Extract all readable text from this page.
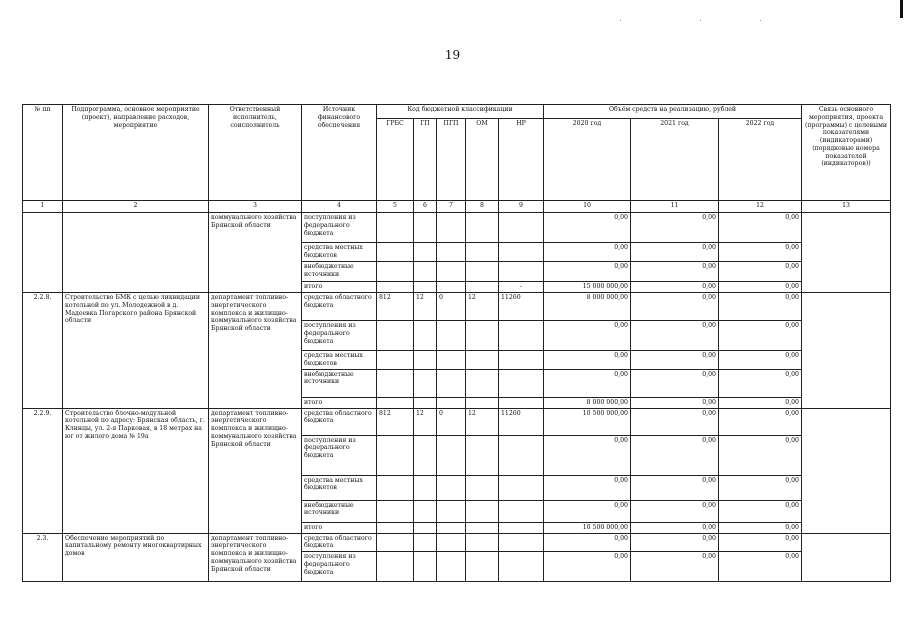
19
№ пп	Подпрограмма, основное мероприятие (проект), направление расходов, мероприятие	Ответственный исполнитель, соисполнитель	Источник финансового обеспечения	Код бюджетной классификации					Объём средств на реализацию, рублей			Связь основного мероприятия, проекта (программы) с целевыми показателями (индикаторами) (порядковые номера показателей (индикаторов))
				ГРБС	ГП	ПГП	ОМ	НР	2020 год	2021 год	2022 год	
1	2	3	4	5	6	7	8	9	10	11	12	13
		коммунального хозяйства Брянской области	поступления из федерального бюджета						0,00	0,00	0,00	
			средства местных бюджетов						0,00	0,00	0,00	
			внебюджетные источники						0,00	0,00	0,00	
			итого					-	15 000 000,00	0,00	0,00	
2.2.8.	Строительство БМК с целью ликвидации котельной по ул. Молодежной в д. Мадеевка Погарского района Брянской области	департамент топливно-энергетического комплекса и жилищно-коммунального хозяйства Брянской области	средства областного бюджета	812	12	0	12	11260	8 000 000,00	0,00	0,00	
			поступления из федерального бюджета						0,00	0,00	0,00	
			средства местных бюджетов						0,00	0,00	0,00	
			внебюджетные источники						0,00	0,00	0,00	
			итого						8 000 000,00	0,00	0,00	
2.2.9.	Строительство блочно-модульной котельной по адресу: Брянская область, г. Клинцы, ул. 2-я Парковая, в 18 метрах на юг от жилого дома № 19а	департамент топливно-энергетического комплекса и жилищно-коммунального хозяйства Брянской области	средства областного бюджета	812	12	0	12	11260	10 500 000,00	0,00	0,00	
			поступления из федерального бюджета						0,00	0,00	0,00	
			средства местных бюджетов						0,00	0,00	0,00	
			внебюджетные источники						0,00	0,00	0,00	
			итого						10 500 000,00	0,00	0,00	
2.3.	Обеспечение мероприятий по капитальному ремонту многоквартирных домов	департамент топливно-энергетического комплекса и жилищно-коммунального хозяйства Брянской области	средства областного бюджета						0,00	0,00	0,00	
			поступления из федерального бюджета						0,00	0,00	0,00	
